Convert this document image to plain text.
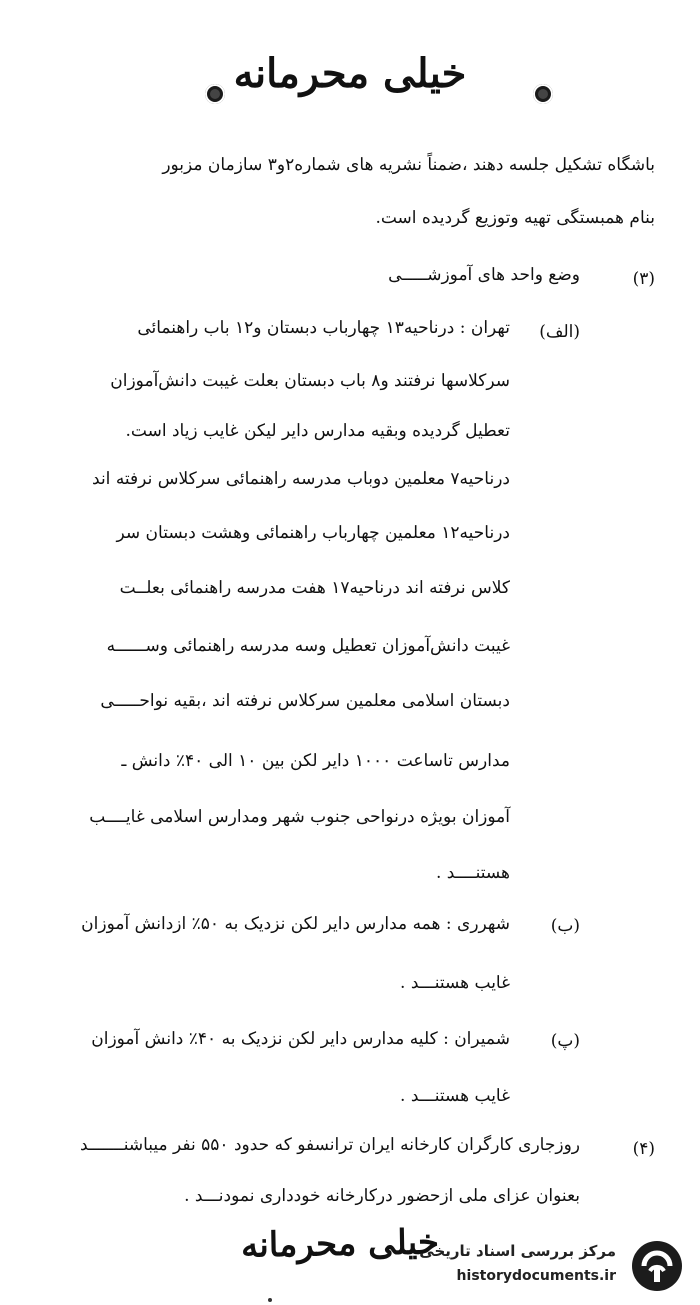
خیلی محرمانه
باشگاه تشکیل جلسه دهند ،ضمناً نشریه های شماره۲و۳ سازمان مزبور
بنام همبستگی تهیه وتوزیع گردیده است.
(۳)
وضع واحد های آموزشـــــی
(الف)
تهران : درناحیه۱۳ چهارباب دبستان و۱۲ باب راهنمائی
سرکلاسها نرفتند و۸ باب دبستان بعلت غیبت دانش‌آموزان
تعطیل گردیده وبقیه مدارس دایر لیکن غایب زیاد است.
درناحیه۷ معلمین دوباب مدرسه راهنمائی سرکلاس نرفته اند
درناحیه۱۲ معلمین چهارباب راهنمائی وهشت دبستان سر
کلاس نرفته اند درناحیه۱۷ هفت مدرسه راهنمائی بعلــت
غیبت دانش‌آموزان تعطیل وسه مدرسه راهنمائی وســــــه
دبستان اسلامی معلمین سرکلاس نرفته اند ،بقیه نواحـــــی
مدارس تاساعت ۱۰۰۰ دایر لکن بین ۱۰ الی ۴۰٪ دانش ـ
آموزان بویژه درنواحی جنوب شهر ومدارس اسلامی غایــــب
هستنــــد .
(ب)
شهرری : همه مدارس دایر لکن نزدیک به ۵۰٪ ازدانش آموزان
غایب هستنـــد .
(پ)
شمیران : کلیه مدارس دایر لکن نزدیک به ۴۰٪ دانش آموزان
غایب هستنـــد .
(۴)
روزجاری کارگران کارخانه ایران ترانسفو که حدود ۵۵۰ نفر میباشنـــــــد
بعنوان عزای ملی ازحضور درکارخانه خودداری نمودنـــد .
خیلی محرمانه
مرکز بررسی اسناد تاریخی
historydocuments.ir
